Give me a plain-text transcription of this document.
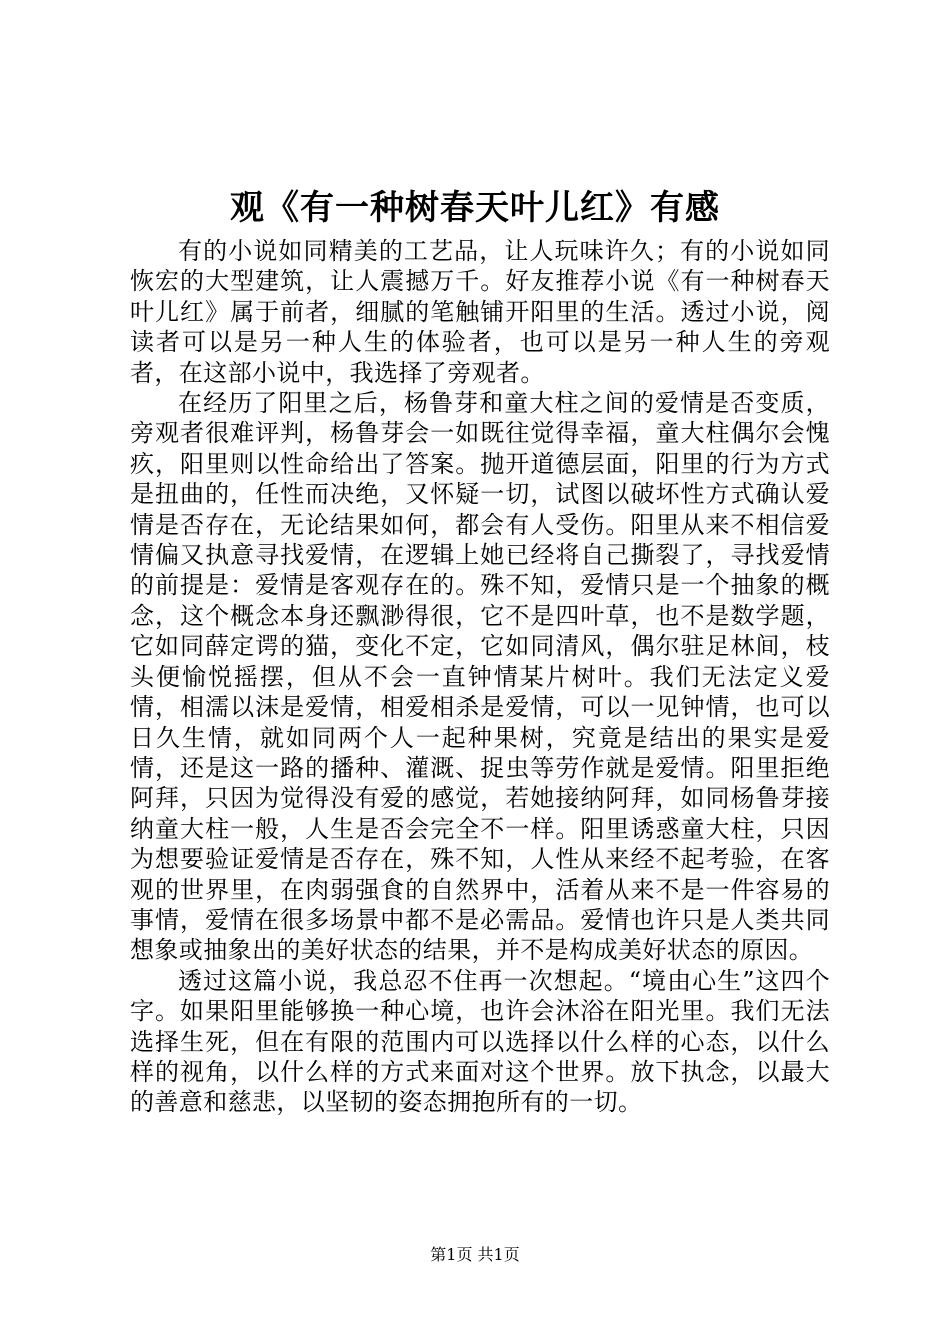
观《有一种树春天叶儿红》有感

有的小说如同精美的工艺品，让人玩味许久；有的小说如同恢宏的大型建筑，让人震撼万千。好友推荐小说《有一种树春天叶儿红》属于前者，细腻的笔触铺开阳里的生活。透过小说，阅读者可以是另一种人生的体验者，也可以是另一种人生的旁观者，在这部小说中，我选择了旁观者。

在经历了阳里之后，杨鲁芽和童大柱之间的爱情是否变质，旁观者很难评判，杨鲁芽会一如既往觉得幸福，童大柱偶尔会愧疚，阳里则以性命给出了答案。抛开道德层面，阳里的行为方式是扭曲的，任性而决绝，又怀疑一切，试图以破坏性方式确认爱情是否存在，无论结果如何，都会有人受伤。阳里从来不相信爱情偏又执意寻找爱情，在逻辑上她已经将自己撕裂了，寻找爱情的前提是：爱情是客观存在的。殊不知，爱情只是一个抽象的概念，这个概念本身还飘渺得很，它不是四叶草，也不是数学题，它如同薛定谔的猫，变化不定，它如同清风，偶尔驻足林间，枝头便愉悦摇摆，但从不会一直钟情某片树叶。我们无法定义爱情，相濡以沫是爱情，相爱相杀是爱情，可以一见钟情，也可以日久生情，就如同两个人一起种果树，究竟是结出的果实是爱情，还是这一路的播种、灌溉、捉虫等劳作就是爱情。阳里拒绝阿拜，只因为觉得没有爱的感觉，若她接纳阿拜，如同杨鲁芽接纳童大柱一般，人生是否会完全不一样。阳里诱惑童大柱，只因为想要验证爱情是否存在，殊不知，人性从来经不起考验，在客观的世界里，在肉弱强食的自然界中，活着从来不是一件容易的事情，爱情在很多场景中都不是必需品。爱情也许只是人类共同想象或抽象出的美好状态的结果，并不是构成美好状态的原因。

透过这篇小说，我总忍不住再一次想起。“境由心生”这四个字。如果阳里能够换一种心境，也许会沐浴在阳光里。我们无法选择生死，但在有限的范围内可以选择以什么样的心态，以什么样的视角，以什么样的方式来面对这个世界。放下执念，以最大的善意和慈悲，以坚韧的姿态拥抱所有的一切。

第1页 共1页
